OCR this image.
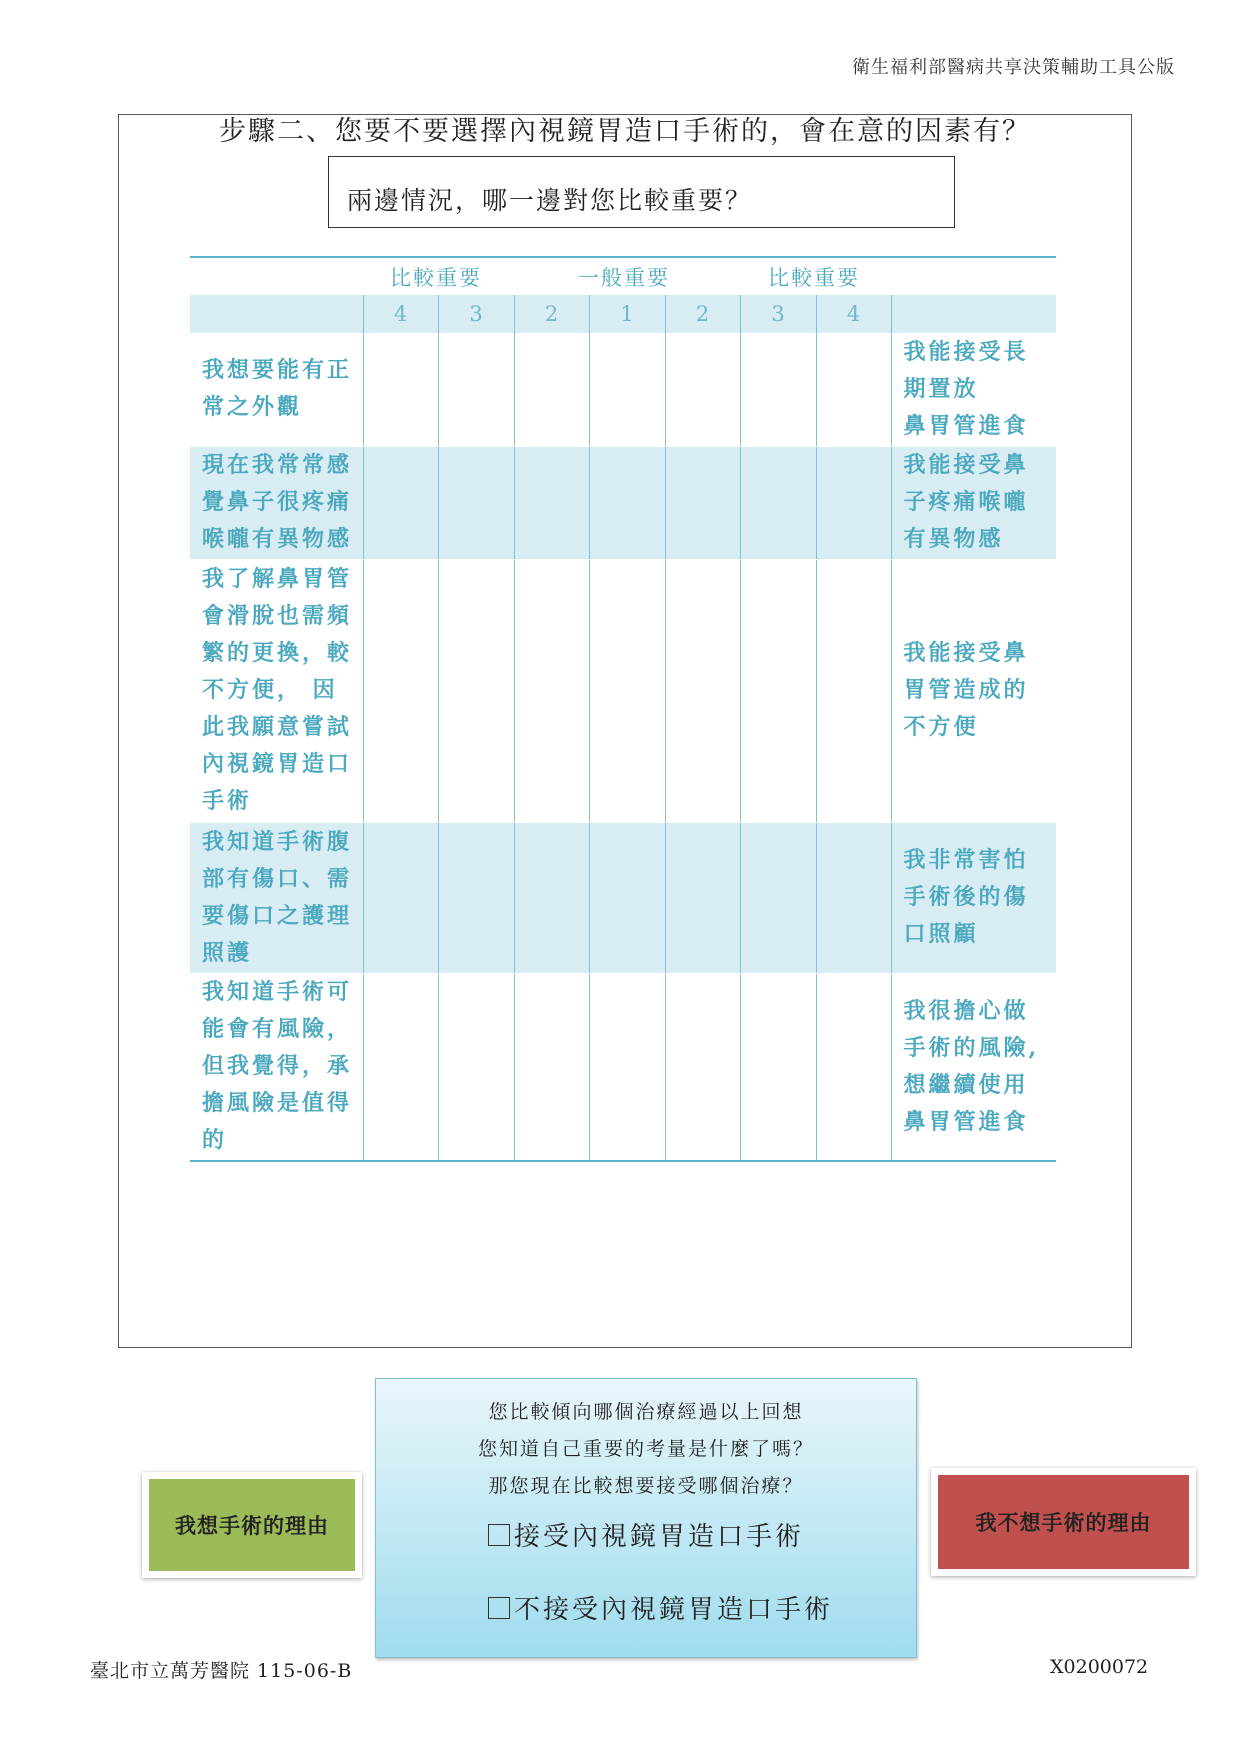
衛生福利部醫病共享決策輔助工具公版
步驟二、您要不要選擇內視鏡胃造口手術的，會在意的因素有？
兩邊情況，哪一邊對您比較重要？
比較重要	一般重要	比較重要
	4	3	2	1	2	3	4	
我想要能有正常之外觀								我能接受長期置放
鼻胃管進食
現在我常常感覺鼻子很疼痛喉嚨有異物感								我能接受鼻子疼痛喉嚨有異物感
我了解鼻胃管會滑脫也需頻繁的更換，較不方便， 因此我願意嘗試內視鏡胃造口手術								我能接受鼻胃管造成的不方便
我知道手術腹部有傷口、需要傷口之護理照護								我非常害怕手術後的傷口照顧
我知道手術可能會有風險，但我覺得，承擔風險是值得的								我很擔心做手術的風險,想繼續使用鼻胃管進食
我想手術的理由
您比較傾向哪個治療經過以上回想
您知道自己重要的考量是什麼了嗎？
那您現在比較想要接受哪個治療？
接受內視鏡胃造口手術
不接受內視鏡胃造口手術
我不想手術的理由
臺北市立萬芳醫院 115-06-B	X0200072
